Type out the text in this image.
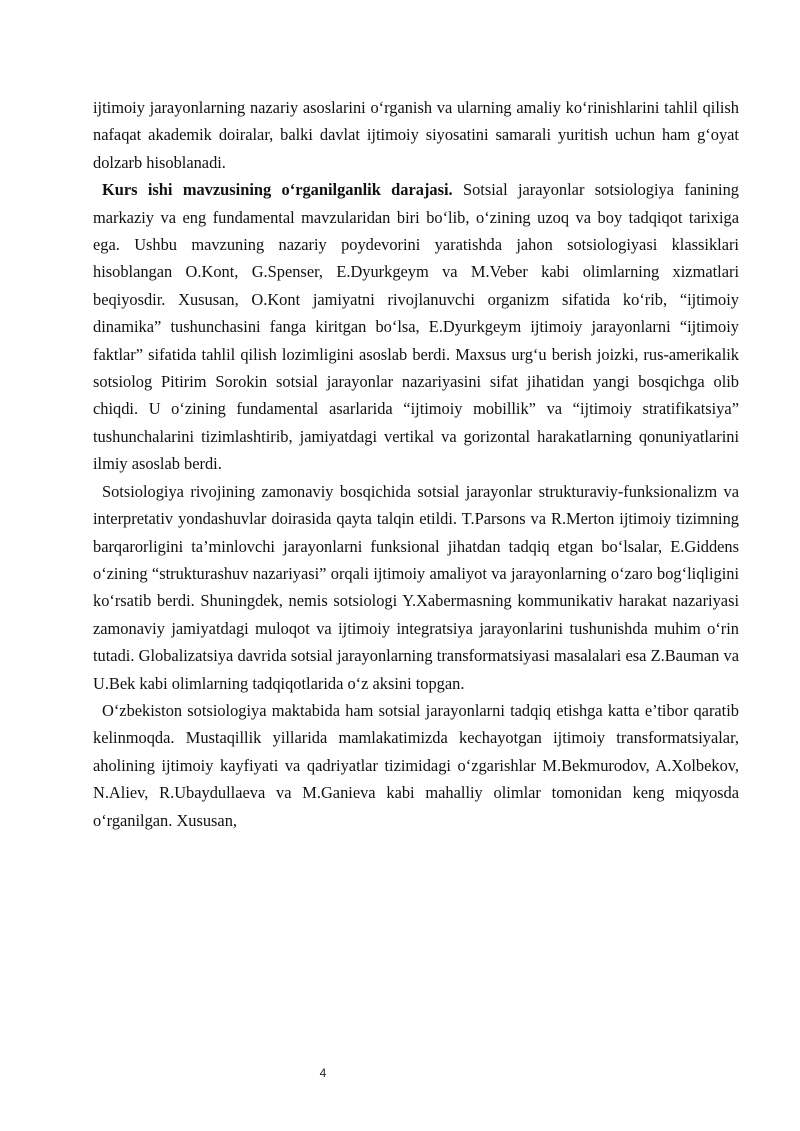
ijtimoiy jarayonlarning nazariy asoslarini o‘rganish va ularning amaliy ko‘rinishlarini tahlil qilish nafaqat akademik doiralar, balki davlat ijtimoiy siyosatini samarali yuritish uchun ham g‘oyat dolzarb hisoblanadi.

Kurs ishi mavzusining o‘rganilganlik darajasi. Sotsial jarayonlar sotsiologiya fanining markaziy va eng fundamental mavzularidan biri bo‘lib, o‘zining uzoq va boy tadqiqot tarixiga ega. Ushbu mavzuning nazariy poydevorini yaratishda jahon sotsiologiyasi klassiklari hisoblangan O.Kont, G.Spenser, E.Dyurkgeym va M.Veber kabi olimlarning xizmatlari beqiyosdir. Xususan, O.Kont jamiyatni rivojlanuvchi organizm sifatida ko‘rib, “ijtimoiy dinamika” tushunchasini fanga kiritgan bo‘lsa, E.Dyurkgeym ijtimoiy jarayonlarni “ijtimoiy faktlar” sifatida tahlil qilish lozimligini asoslab berdi. Maxsus urg‘u berish joizki, rus-amerikalik sotsiolog Pitirim Sorokin sotsial jarayonlar nazariyasini sifat jihatidan yangi bosqichga olib chiqdi. U o‘zining fundamental asarlarida “ijtimoiy mobillik” va “ijtimoiy stratifikatsiya” tushunchalarini tizimlashtirib, jamiyatdagi vertikal va gorizontal harakatlarning qonuniyatlarini ilmiy asoslab berdi.

Sotsiologiya rivojining zamonaviy bosqichida sotsial jarayonlar strukturaviy-funksionalizm va interpretativ yondashuvlar doirasida qayta talqin etildi. T.Parsons va R.Merton ijtimoiy tizimning barqarorligini ta’minlovchi jarayonlarni funksional jihatdan tadqiq etgan bo‘lsalar, E.Giddens o‘zining “strukturashuv nazariyasi” orqali ijtimoiy amaliyot va jarayonlarning o‘zaro bog‘liqligini ko‘rsatib berdi. Shuningdek, nemis sotsiologi Y.Xabermasning kommunikativ harakat nazariyasi zamonaviy jamiyatdagi muloqot va ijtimoiy integratsiya jarayonlarini tushunishda muhim o‘rin tutadi. Globalizatsiya davrida sotsial jarayonlarning transformatsiyasi masalalari esa Z.Bauman va U.Bek kabi olimlarning tadqiqotlarida o‘z aksini topgan.

O‘zbekiston sotsiologiya maktabida ham sotsial jarayonlarni tadqiq etishga katta e’tibor qaratib kelinmoqda. Mustaqillik yillarida mamlakatimizda kechayotgan ijtimoiy transformatsiyalar, aholining ijtimoiy kayfiyati va qadriyatlar tizimidagi o‘zgarishlar M.Bekmurodov, A.Xolbekov, N.Aliev, R.Ubaydullaeva va M.Ganieva kabi mahalliy olimlar tomonidan keng miqyosda o‘rganilgan. Xususan,

4
